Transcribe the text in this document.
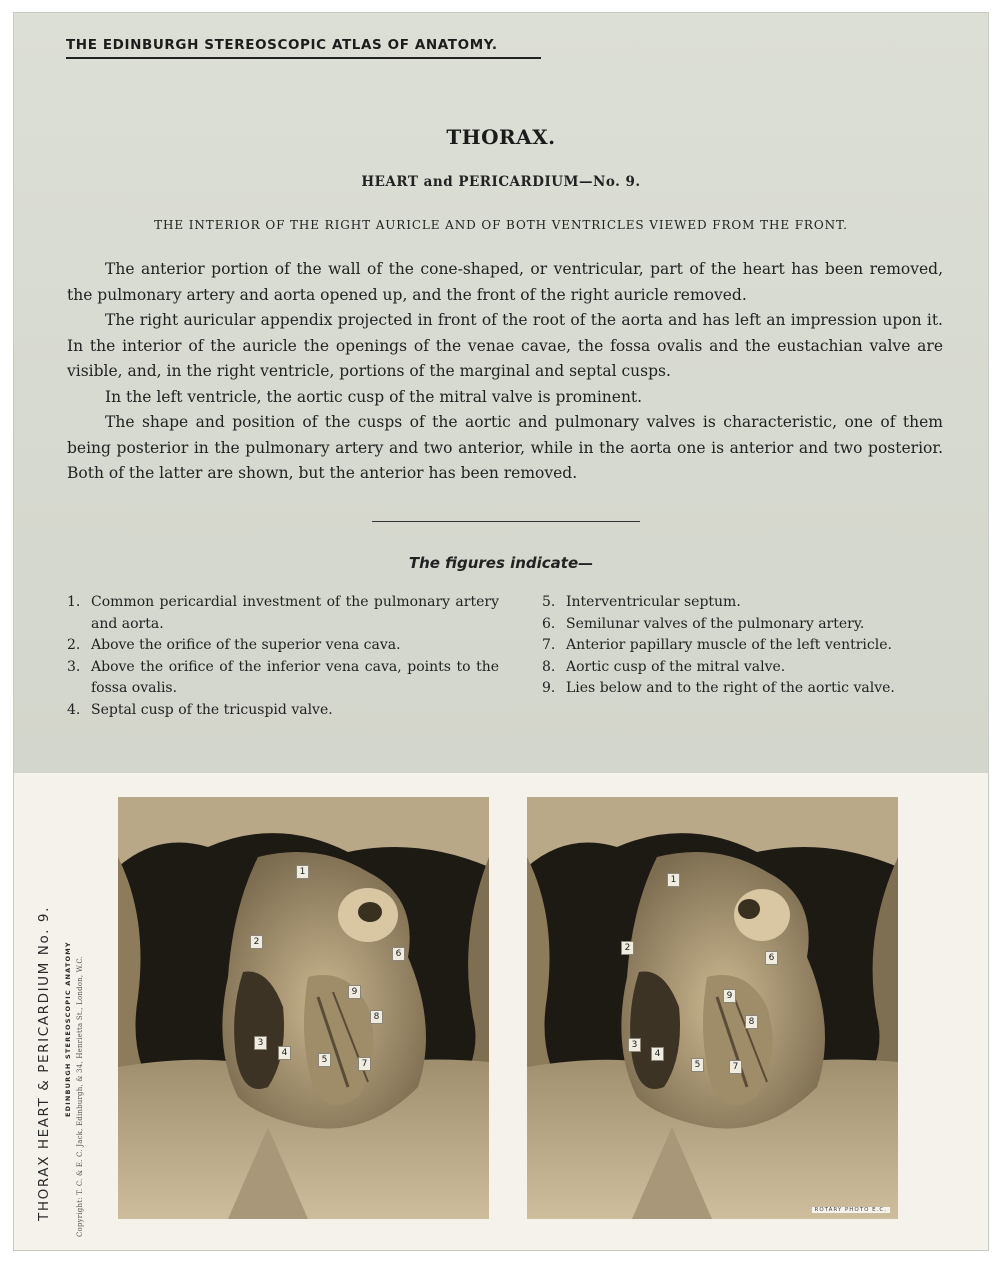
THE EDINBURGH STEREOSCOPIC ATLAS OF ANATOMY.
THORAX.
HEART and PERICARDIUM—No. 9.
THE INTERIOR OF THE RIGHT AURICLE AND OF BOTH VENTRICLES VIEWED FROM THE FRONT.

The anterior portion of the wall of the cone-shaped, or ventricular, part of the heart has been removed, the pulmonary artery and aorta opened up, and the front of the right auricle removed.

The right auricular appendix projected in front of the root of the aorta and has left an impression upon it. In the interior of the auricle the openings of the venae cavae, the fossa ovalis and the eustachian valve are visible, and, in the right ventricle, portions of the marginal and septal cusps.

In the left ventricle, the aortic cusp of the mitral valve is prominent.

The shape and position of the cusps of the aortic and pulmonary valves is characteristic, one of them being posterior in the pulmonary artery and two anterior, while in the aorta one is anterior and two posterior. Both of the latter are shown, but the anterior has been removed.

The figures indicate—
1. Common pericardial investment of the pulmonary artery and aorta.
2. Above the orifice of the superior vena cava.
3. Above the orifice of the inferior vena cava, points to the fossa ovalis.
4. Septal cusp of the tricuspid valve.
5. Interventricular septum.
6. Semilunar valves of the pulmonary artery.
7. Anterior papillary muscle of the left ventricle.
8. Aortic cusp of the mitral valve.
9. Lies below and to the right of the aortic valve.
THORAX HEART & PERICARDIUM No. 9. EDINBURGH STEREOSCOPIC ANATOMY Copyright: T. C. & E. C. Jack, Edinburgh, & 34, Henrietta St., London, W.C.
1
2
3
4
5
6
7
8
9
1
2
3
4
5
6
7
8
9
ROTARY PHOTO E.C.
